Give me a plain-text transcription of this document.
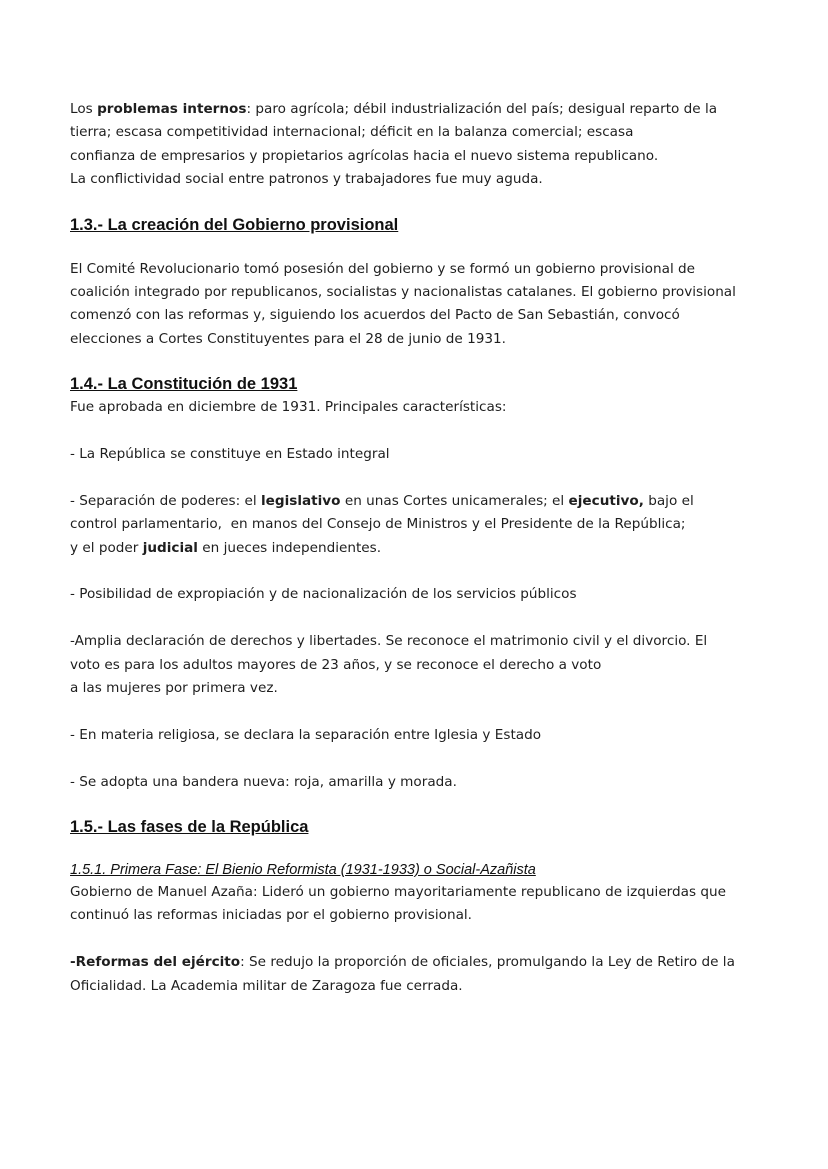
Los problemas internos: paro agrícola; débil industrialización del país; desigual reparto de la
tierra; escasa competitividad internacional; déficit en la balanza comercial; escasa
confianza de empresarios y propietarios agrícolas hacia el nuevo sistema republicano.
La conflictividad social entre patronos y trabajadores fue muy aguda.

1.3.- La creación del Gobierno provisional

El Comité Revolucionario tomó posesión del gobierno y se formó un gobierno provisional de
coalición integrado por republicanos, socialistas y nacionalistas catalanes. El gobierno provisional
comenzó con las reformas y, siguiendo los acuerdos del Pacto de San Sebastián, convocó
elecciones a Cortes Constituyentes para el 28 de junio de 1931.

1.4.- La Constitución de 1931

Fue aprobada en diciembre de 1931. Principales características:

- La República se constituye en Estado integral

- Separación de poderes: el legislativo en unas Cortes unicamerales; el ejecutivo, bajo el
control parlamentario,  en manos del Consejo de Ministros y el Presidente de la República;
y el poder judicial en jueces independientes.

- Posibilidad de expropiación y de nacionalización de los servicios públicos

-Amplia declaración de derechos y libertades. Se reconoce el matrimonio civil y el divorcio. El
voto es para los adultos mayores de 23 años, y se reconoce el derecho a voto
a las mujeres por primera vez.

- En materia religiosa, se declara la separación entre Iglesia y Estado

- Se adopta una bandera nueva: roja, amarilla y morada.

1.5.- Las fases de la República
1.5.1. Primera Fase: El Bienio Reformista (1931-1933) o Social-Azañista

Gobierno de Manuel Azaña: Lideró un gobierno mayoritariamente republicano de izquierdas que
continuó las reformas iniciadas por el gobierno provisional.

-Reformas del ejército: Se redujo la proporción de oficiales, promulgando la Ley de Retiro de la
Oficialidad. La Academia militar de Zaragoza fue cerrada.
